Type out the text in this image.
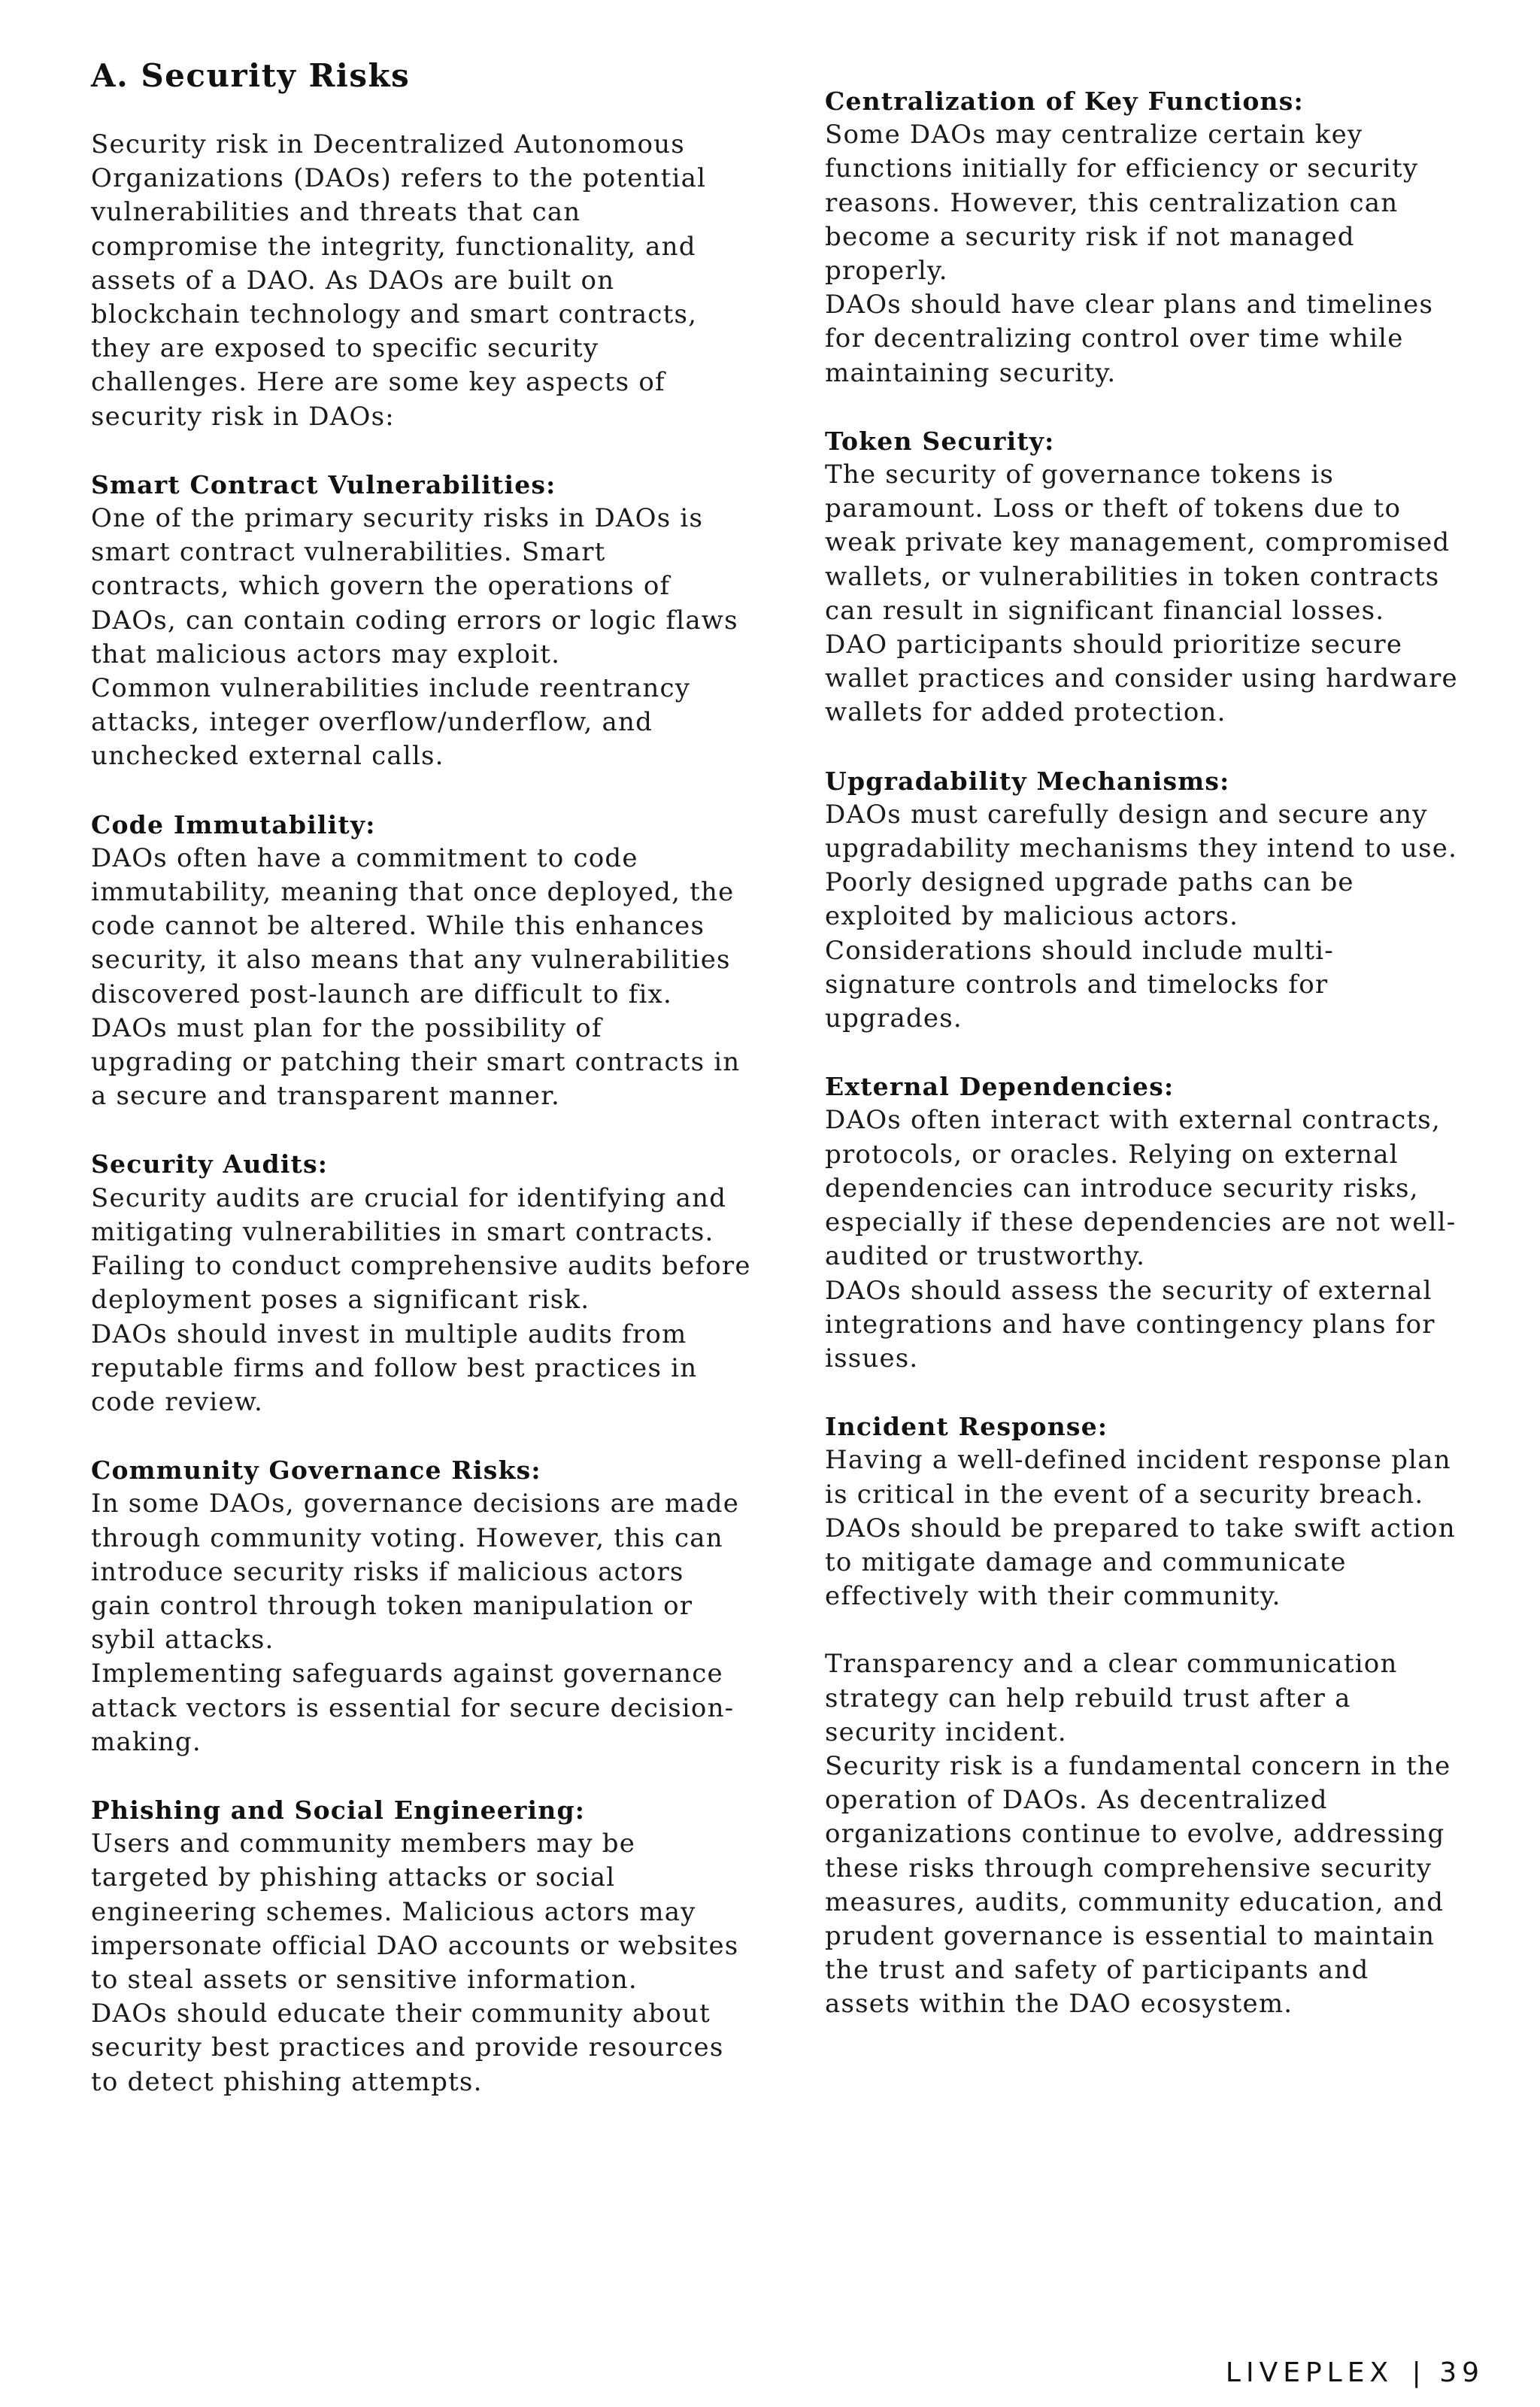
A. Security Risks
Security risk in Decentralized Autonomous Organizations (DAOs) refers to the potential vulnerabilities and threats that can compromise the integrity, functionality, and assets of a DAO. As DAOs are built on blockchain technology and smart contracts, they are exposed to specific security challenges. Here are some key aspects of security risk in DAOs:
Smart Contract Vulnerabilities:
One of the primary security risks in DAOs is smart contract vulnerabilities. Smart contracts, which govern the operations of DAOs, can contain coding errors or logic flaws that malicious actors may exploit.
Common vulnerabilities include reentrancy attacks, integer overflow/underflow, and unchecked external calls.
Code Immutability:
DAOs often have a commitment to code immutability, meaning that once deployed, the code cannot be altered. While this enhances security, it also means that any vulnerabilities discovered post-launch are difficult to fix.
DAOs must plan for the possibility of upgrading or patching their smart contracts in a secure and transparent manner.
Security Audits:
Security audits are crucial for identifying and mitigating vulnerabilities in smart contracts. Failing to conduct comprehensive audits before deployment poses a significant risk.
DAOs should invest in multiple audits from reputable firms and follow best practices in code review.
Community Governance Risks:
In some DAOs, governance decisions are made through community voting. However, this can introduce security risks if malicious actors gain control through token manipulation or sybil attacks.
Implementing safeguards against governance attack vectors is essential for secure decision-making.
Phishing and Social Engineering:
Users and community members may be targeted by phishing attacks or social engineering schemes. Malicious actors may impersonate official DAO accounts or websites to steal assets or sensitive information.
DAOs should educate their community about security best practices and provide resources to detect phishing attempts.
Centralization of Key Functions:
Some DAOs may centralize certain key functions initially for efficiency or security reasons. However, this centralization can become a security risk if not managed properly.
DAOs should have clear plans and timelines for decentralizing control over time while maintaining security.
Token Security:
The security of governance tokens is paramount. Loss or theft of tokens due to weak private key management, compromised wallets, or vulnerabilities in token contracts can result in significant financial losses.
DAO participants should prioritize secure wallet practices and consider using hardware wallets for added protection.
Upgradability Mechanisms:
DAOs must carefully design and secure any upgradability mechanisms they intend to use. Poorly designed upgrade paths can be exploited by malicious actors.
Considerations should include multi-signature controls and timelocks for upgrades.
External Dependencies:
DAOs often interact with external contracts, protocols, or oracles. Relying on external dependencies can introduce security risks, especially if these dependencies are not well-audited or trustworthy.
DAOs should assess the security of external integrations and have contingency plans for issues.
Incident Response:
Having a well-defined incident response plan is critical in the event of a security breach. DAOs should be prepared to take swift action to mitigate damage and communicate effectively with their community.
Transparency and a clear communication strategy can help rebuild trust after a security incident.
Security risk is a fundamental concern in the operation of DAOs. As decentralized organizations continue to evolve, addressing these risks through comprehensive security measures, audits, community education, and prudent governance is essential to maintain the trust and safety of participants and assets within the DAO ecosystem.
LIVEPLEX | 39
